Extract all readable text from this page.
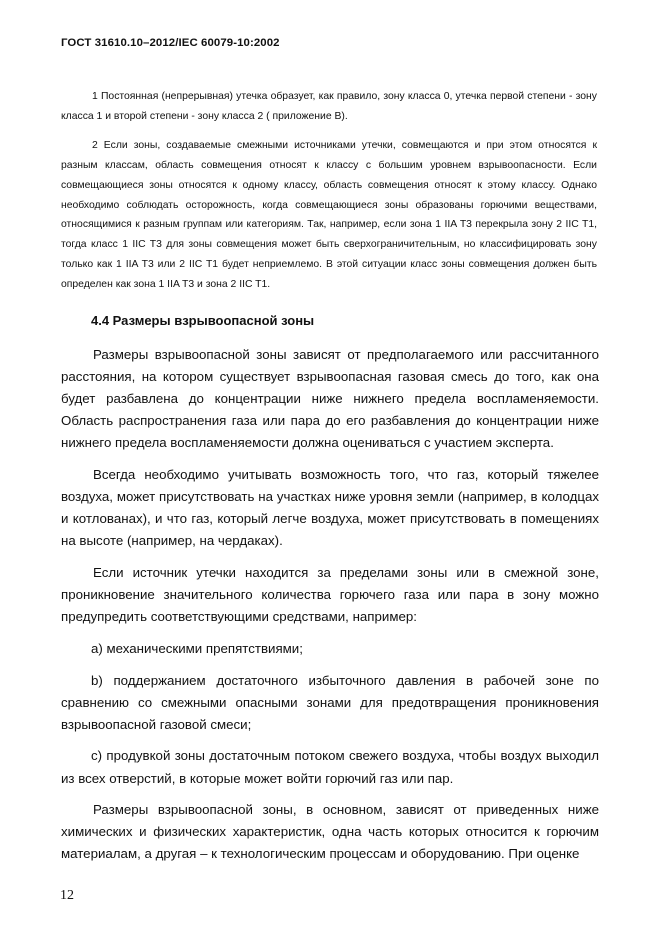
ГОСТ 31610.10–2012/IEC 60079-10:2002

1 Постоянная (непрерывная) утечка образует, как правило, зону класса 0, утечка первой степени - зону класса 1 и второй степени - зону класса 2 ( приложение В).

2 Если зоны, создаваемые смежными источниками утечки, совмещаются и при этом относятся к разным классам, область совмещения относят к классу с большим уровнем взрывоопасности. Если совмещающиеся зоны относятся к одному классу, область совмещения относят к этому классу. Однако необходимо соблюдать осторожность, когда совмещающиеся зоны образованы горючими веществами, относящимися к разным группам или категориям. Так, например, если зона 1 IIA T3 перекрыла зону 2 IIC T1, тогда класс 1 IIC T3 для зоны совмещения может быть сверхограничительным, но классифицировать зону только как 1 IIA T3 или 2 IIC T1 будет неприемлемо. В этой ситуации класс зоны совмещения должен быть определен как зона 1 IIA T3 и зона 2 IIC T1.

4.4 Размеры взрывоопасной зоны

Размеры взрывоопасной зоны зависят от предполагаемого или рассчитанного расстояния, на котором существует взрывоопасная газовая смесь до того, как она будет разбавлена до концентрации ниже нижнего предела воспламеняемости. Область распространения газа или пара до его разбавления до концентрации ниже нижнего предела воспламеняемости должна оцениваться с участием эксперта.

Всегда необходимо учитывать возможность того, что газ, который тяжелее воздуха, может присутствовать на участках ниже уровня земли (например, в колодцах и котлованах), и что газ, который легче воздуха, может присутствовать в помещениях на высоте (например, на чердаках).

Если источник утечки находится за пределами зоны или в смежной зоне, проникновение значительного количества горючего газа или пара в зону можно предупредить соответствующими средствами, например:

а) механическими препятствиями;

b) поддержанием достаточного избыточного давления в рабочей зоне по сравнению со смежными опасными зонами для предотвращения проникновения взрывоопасной газовой смеси;

c) продувкой зоны достаточным потоком свежего воздуха, чтобы воздух выходил из всех отверстий, в которые может войти горючий газ или пар.

Размеры взрывоопасной зоны, в основном, зависят от приведенных ниже химических и физических характеристик, одна часть которых относится к горючим материалам, а другая – к технологическим процессам и оборудованию. При оценке

12
